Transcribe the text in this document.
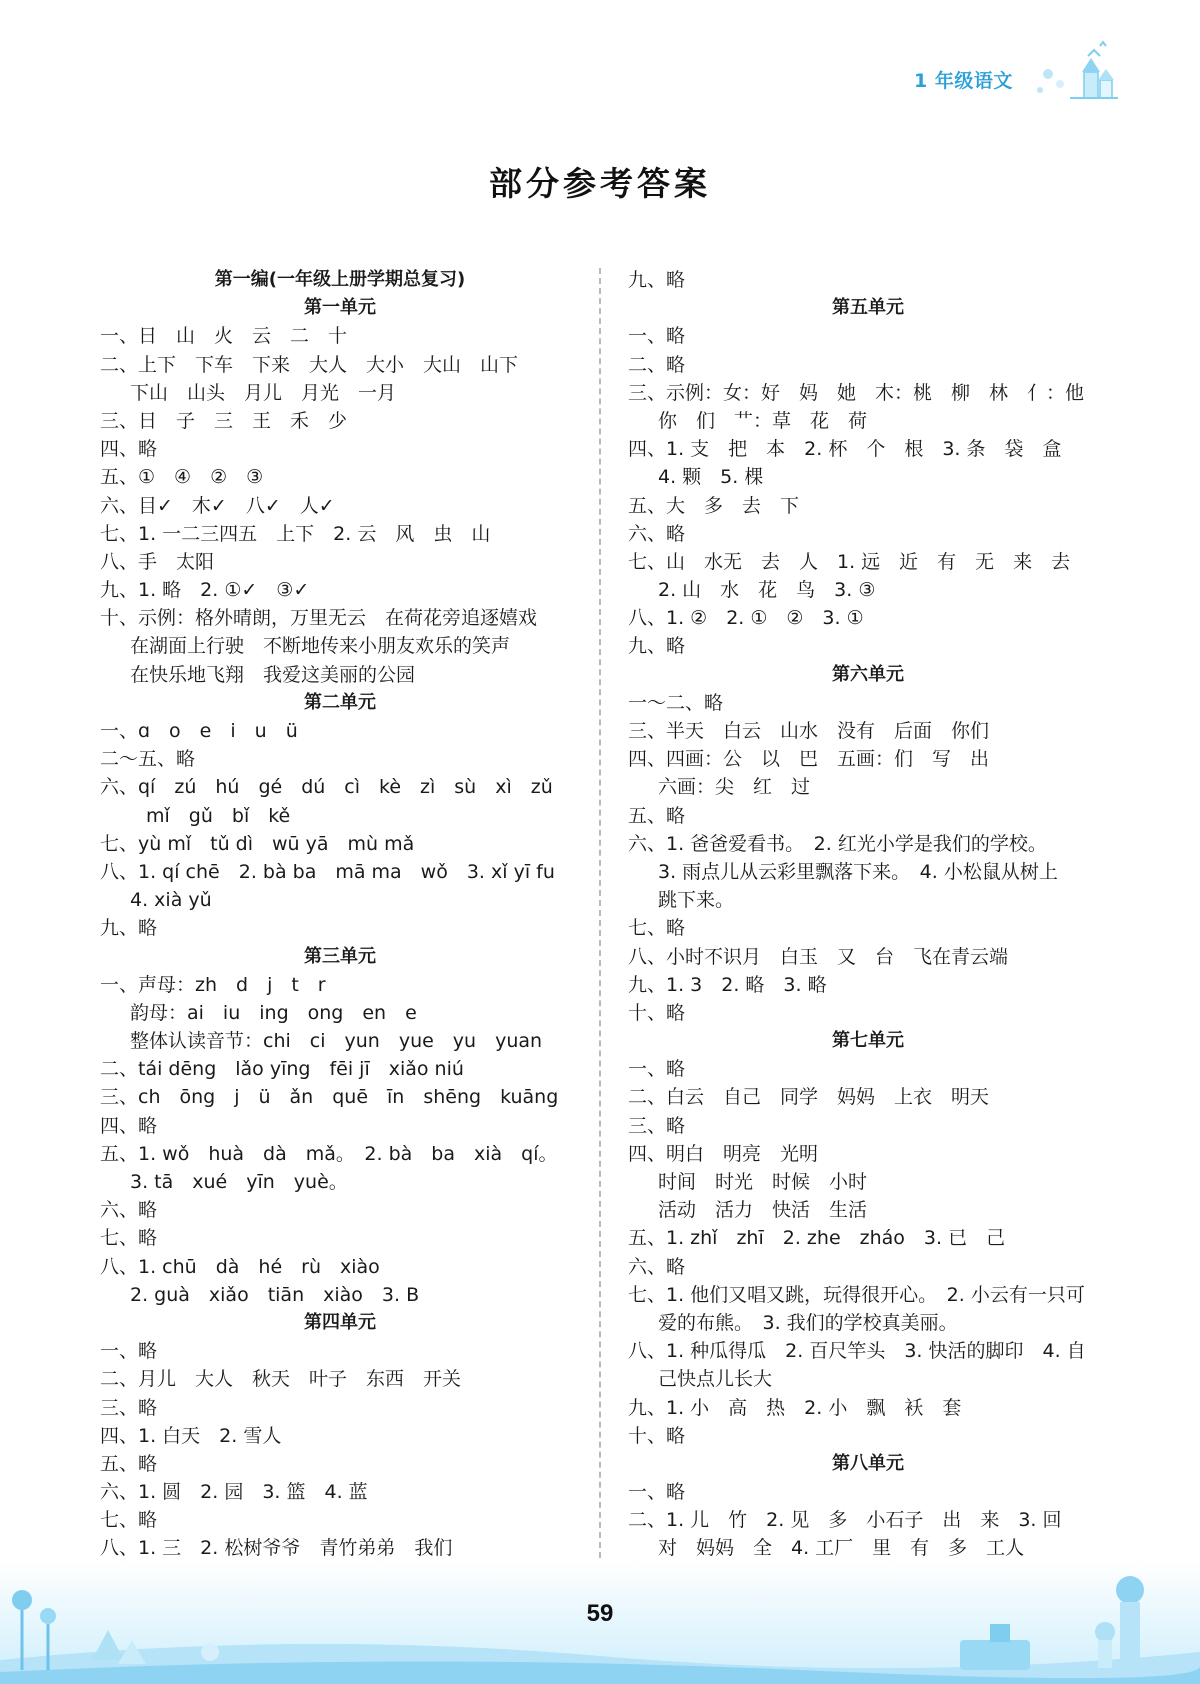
1 年级语文
部分参考答案
第一编(一年级上册学期总复习)
第一单元
一、日　山　火　云　二　十
二、上下　下车　下来　大人　大小　大山　山下
下山　山头　月儿　月光　一月
三、日　子　三　王　禾　少
四、略
五、①　④　②　③
六、目✓　木✓　八✓　人✓
七、1. 一二三四五　上下　2. 云　风　虫　山
八、手　太阳
九、1. 略　2. ①✓　③✓
十、示例：格外晴朗，万里无云　在荷花旁追逐嬉戏
在湖面上行驶　不断地传来小朋友欢乐的笑声
在快乐地飞翔　我爱这美丽的公园
第二单元
一、ɑ　o　e　i　u　ü
二～五、略
六、qí　zú　hú　gé　dú　cì　kè　zì　sù　xì　zǔ
mǐ　gǔ　bǐ　kě
七、yù mǐ　tǔ dì　wū yā　mù mǎ
八、1. qí chē　2. bà ba　mā ma　wǒ　3. xǐ yī fu
4. xià yǔ
九、略
第三单元
一、声母：zh　d　j　t　r
韵母：ai　iu　ing　ong　en　e
整体认读音节：chi　ci　yun　yue　yu　yuan
二、tái dēng　lǎo yīng　fēi jī　xiǎo niú
三、ch　ōng　j　ü　ǎn　quē　īn　shēng　kuāng
四、略
五、1. wǒ　huà　dà　mǎ。　2. bà　ba　xià　qí。
3. tā　xué　yīn　yuè。
六、略
七、略
八、1. chū　dà　hé　rù　xiào
2. guà　xiǎo　tiān　xiào　3. B
第四单元
一、略
二、月儿　大人　秋天　叶子　东西　开关
三、略
四、1. 白天　2. 雪人
五、略
六、1. 圆　2. 园　3. 篮　4. 蓝
七、略
八、1. 三　2. 松树爷爷　青竹弟弟　我们
九、略
第五单元
一、略
二、略
三、示例：女：好　妈　她　木：桃　柳　林　亻：他
你　们　艹：草　花　荷
四、1. 支　把　本　2. 杯　个　根　3. 条　袋　盒
4. 颗　5. 棵
五、大　多　去　下
六、略
七、山　水无　去　人　1. 远　近　有　无　来　去
2. 山　水　花　鸟　3. ③
八、1. ②　2. ①　②　3. ①
九、略
第六单元
一～二、略
三、半天　白云　山水　没有　后面　你们
四、四画：公　以　巴　五画：们　写　出
六画：尖　红　过
五、略
六、1. 爸爸爱看书。　2. 红光小学是我们的学校。
3. 雨点儿从云彩里飘落下来。　4. 小松鼠从树上
跳下来。
七、略
八、小时不识月　白玉　又　台　飞在青云端
九、1. 3　2. 略　3. 略
十、略
第七单元
一、略
二、白云　自己　同学　妈妈　上衣　明天
三、略
四、明白　明亮　光明
时间　时光　时候　小时
活动　活力　快活　生活
五、1. zhǐ　zhī　2. zhe　zháo　3. 已　己
六、略
七、1. 他们又唱又跳，玩得很开心。　2. 小云有一只可
爱的布熊。　3. 我们的学校真美丽。
八、1. 种瓜得瓜　2. 百尺竿头　3. 快活的脚印　4. 自
己快点儿长大
九、1. 小　高　热　2. 小　飘　袄　套
十、略
第八单元
一、略
二、1. 儿　竹　2. 见　多　小石子　出　来　3. 回
对　妈妈　全　4. 工厂　里　有　多　工人
59
